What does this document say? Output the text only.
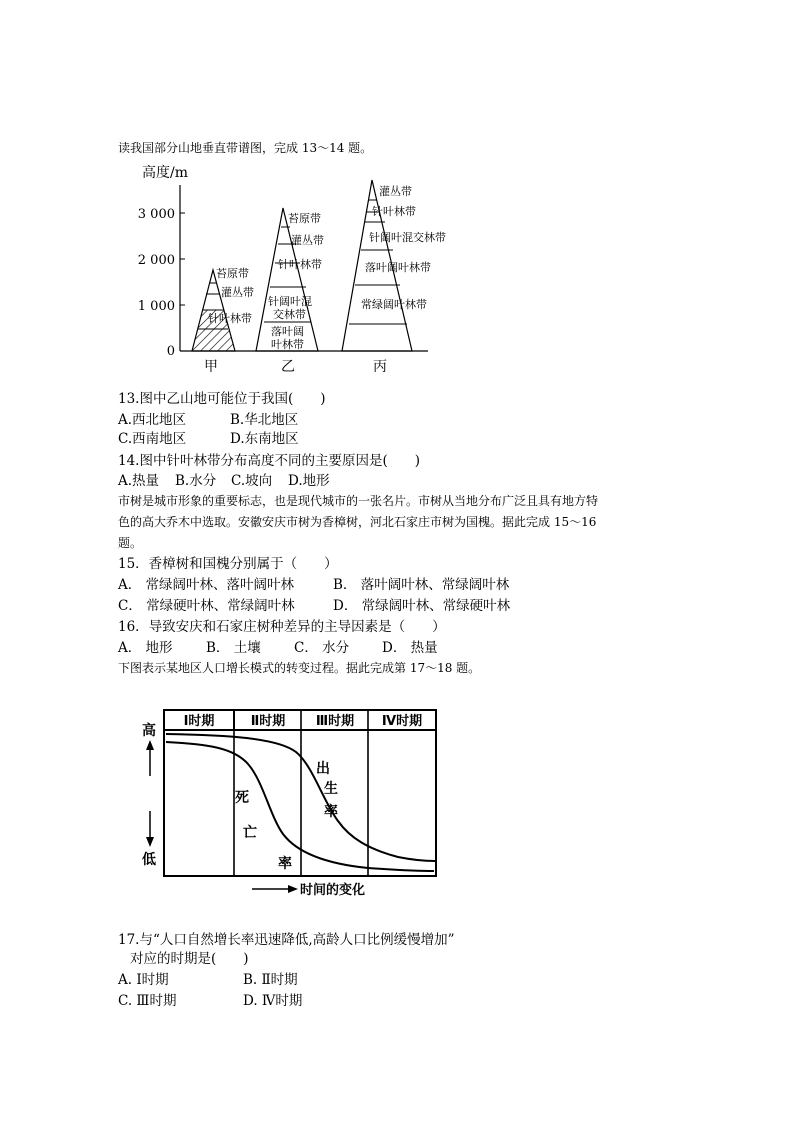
读我国部分山地垂直带谱图，完成 13～14 题。
高度/m
3 000
2 000
1 000
0
针叶林带
灌丛带
苔原带
甲
落叶阔
叶林带
针阔叶混
交林带
针叶林带
灌丛带
苔原带
乙
常绿阔叶林带
落叶阔叶林带
针阔叶混交林带
针叶林带
灌丛带
丙
13.图中乙山地可能位于我国(　　)
A.西北地区	B.华北地区
C.西南地区	D.东南地区
14.图中针叶林带分布高度不同的主要原因是(　　)
A.热量 B.水分 C.坡向 D.地形
市树是城市形象的重要标志，也是现代城市的一张名片。市树从当地分布广泛且具有地方特
色的高大乔木中选取。安徽安庆市树为香樟树，河北石家庄市树为国槐。据此完成 15～16
题。
15．香樟树和国槐分别属于（　　）
A． 常绿阔叶林、落叶阔叶林	B． 落叶阔叶林、常绿阔叶林
C． 常绿硬叶林、常绿阔叶林	D． 常绿阔叶林、常绿硬叶林
16．导致安庆和石家庄树种差异的主导因素是（　　）
A． 地形 B． 土壤 C． 水分 D． 热量
下图表示某地区人口增长模式的转变过程。据此完成第 17～18 题。
Ⅰ时期	Ⅱ时期 Ⅲ时期 Ⅳ时期
高
低
死
亡
率
出
生
率
时间的变化
17.与“人口自然增长率迅速降低,高龄人口比例缓慢增加”
对应的时期是(　　)
A. Ⅰ时期	B. Ⅱ时期
C. Ⅲ时期	D. Ⅳ时期
